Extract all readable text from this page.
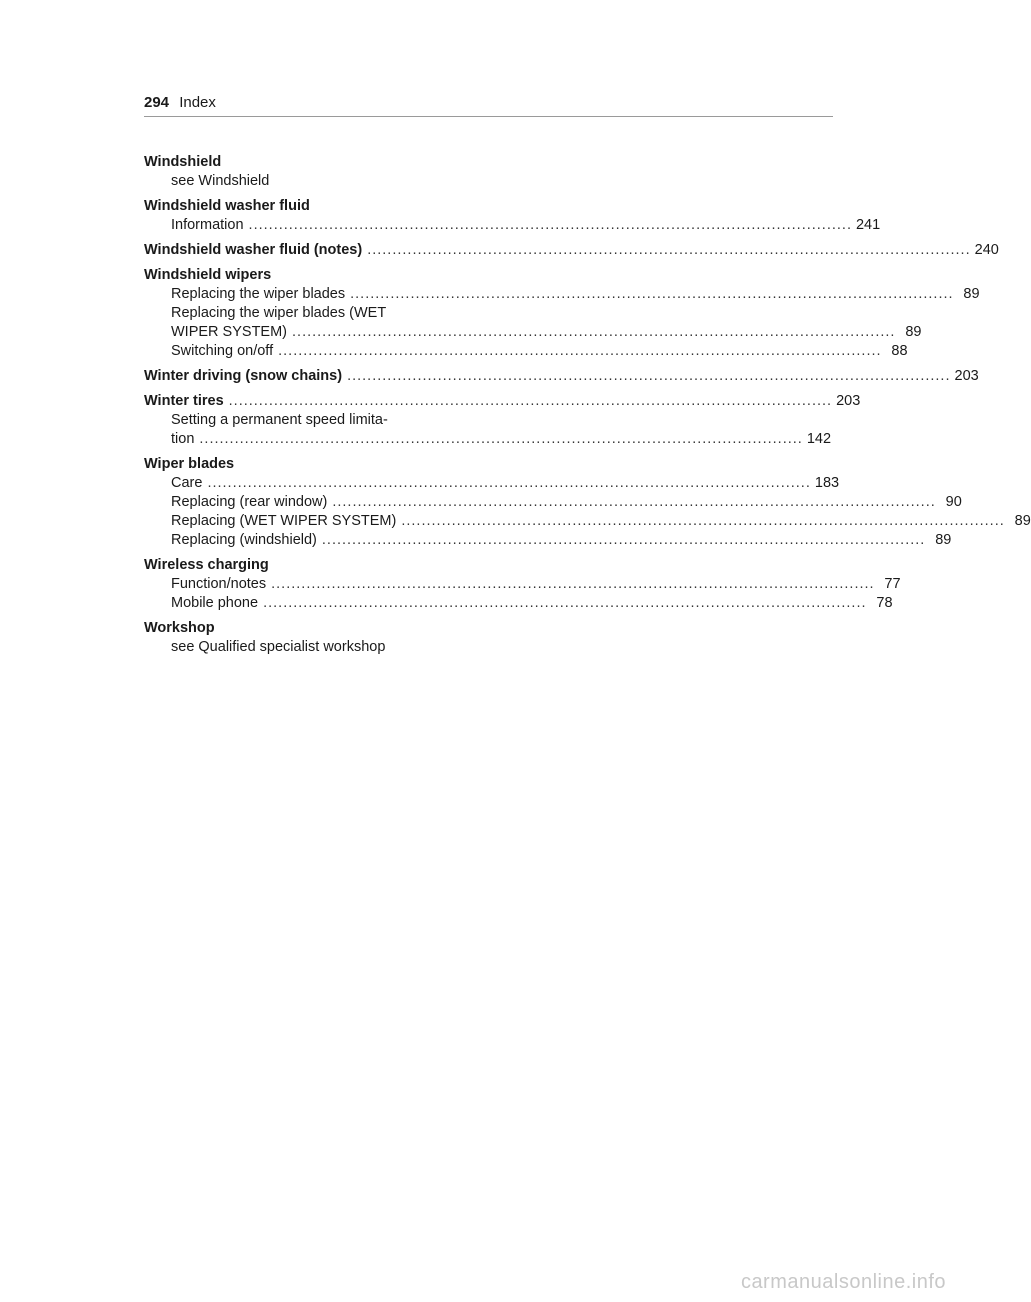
294 Index
Windshield
see Windshield
Windshield washer fluid
Information ........................................................................................................................ 241
Windshield washer fluid (notes) ........................................................................................................................ 240
Windshield wipers
Replacing the wiper blades ........................................................................................................................ 89
Replacing the wiper blades (WET
WIPER SYSTEM) ........................................................................................................................ 89
Switching on/off ........................................................................................................................ 88
Winter driving (snow chains) ........................................................................................................................ 203
Winter tires ........................................................................................................................ 203
Setting a permanent speed limita-
tion ........................................................................................................................ 142
Wiper blades
Care ........................................................................................................................ 183
Replacing (rear window) ........................................................................................................................ 90
Replacing (WET WIPER SYSTEM) ........................................................................................................................ 89
Replacing (windshield) ........................................................................................................................ 89
Wireless charging
Function/notes ........................................................................................................................ 77
Mobile phone ........................................................................................................................ 78
Workshop
see Qualified specialist workshop
carmanualsonline.info
